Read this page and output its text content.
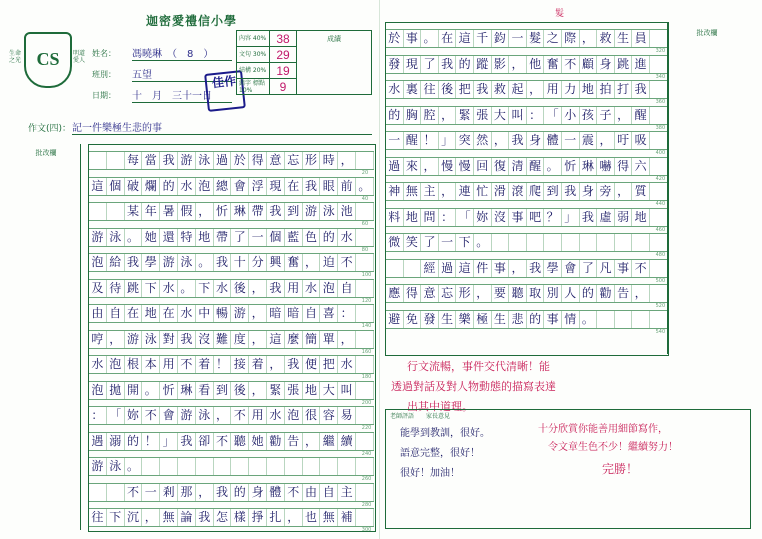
迦密愛禮信小學
生命之光 CS	明道愛人
姓名： 馮曉琳　（　8　）
班別： 五望
日期： 十　月　三十一日
佳作
內容 40%	38	成績
文句 30%	29	
結構 20%	19	
錯字 標點 10%	9	
作文(四)： 記一件樂極生悲的事
批改欄	每 當 我 游 泳 過 於 得 意 忘 形 時 ，
20
這 個 破 爛 的 水 泡 總 會 浮 現 在 我 眼 前 。
40
某 年 暑 假 ， 忻 琳 帶 我 到 游 泳 池
60
游 泳 。 她 還 特 地 帶 了 一 個 藍 色 的 水
80
泡 給 我 學 游 泳 。 我 十 分 興 奮 ， 迫 不
100
及 待 跳 下 水 。 下 水 後 ， 我 用 水 泡 自
120
由 自 在 地 在 水 中 暢 游 ， 暗 暗 自 喜 ：
140
哼 ， 游 泳 對 我 沒 難 度 ， 這 麼 簡 單 ，
160
水 泡 根 本 用 不 着 ！ 接 着 ， 我 便 把 水
180
泡 拋 開 。 忻 琳 看 到 後 ， 緊 張 地 大 叫
200
： 「 妳 不 會 游 泳 ， 不 用 水 泡 很 容 易
220
遇 溺 的 ！ 」 我 卻 不 聽 她 勸 告 ， 繼 續
240
游 泳 。
260
不 一 剎 那 ， 我 的 身 體 不 由 自 主
280
往 下 沉 ， 無 論 我 怎 樣 掙 扎 ， 也 無 補
300
批改欄
於 事 。 在 這 千 鈞 一 髮 之 際 ， 救 生 員
320
發 現 了 我 的 蹤 影 ， 他 奮 不 顧 身 跳 進
340
水 裏 往 後 把 我 救 起 ， 用 力 地 拍 打 我
360
的 胸 腔 ， 緊 張 大 叫 ： 「 小 孩 子 ， 醒
380
一 醒 ！ 」 突 然 ， 我 身 體 一 震 ， 吁 吸
400
過 來 ， 慢 慢 回 復 清 醒 。 忻 琳 嚇 得 六
420
神 無 主 ， 連 忙 滑 滾 爬 到 我 身 旁 ， 質
440
料 地 問 ： 「 妳 沒 事 吧 ？ 」 我 虛 弱 地
460
微 笑 了 一 下 。
480
經 過 這 件 事 ， 我 學 會 了 凡 事 不
500
應 得 意 忘 形 ， 要 聽 取 別 人 的 勸 告 ，
520
避 免 發 生 樂 極 生 悲 的 事 情 。
540
行文流暢，事件交代清晰！能
透過對話及對人物動態的描寫表達
出其中道理。
老師評語 家長意見
能學到教訓，很好。
語意完整，很好！
很好！加油！
十分欣賞你能善用細節寫作，
令文章生色不少！繼續努力！
完勝！
髮
